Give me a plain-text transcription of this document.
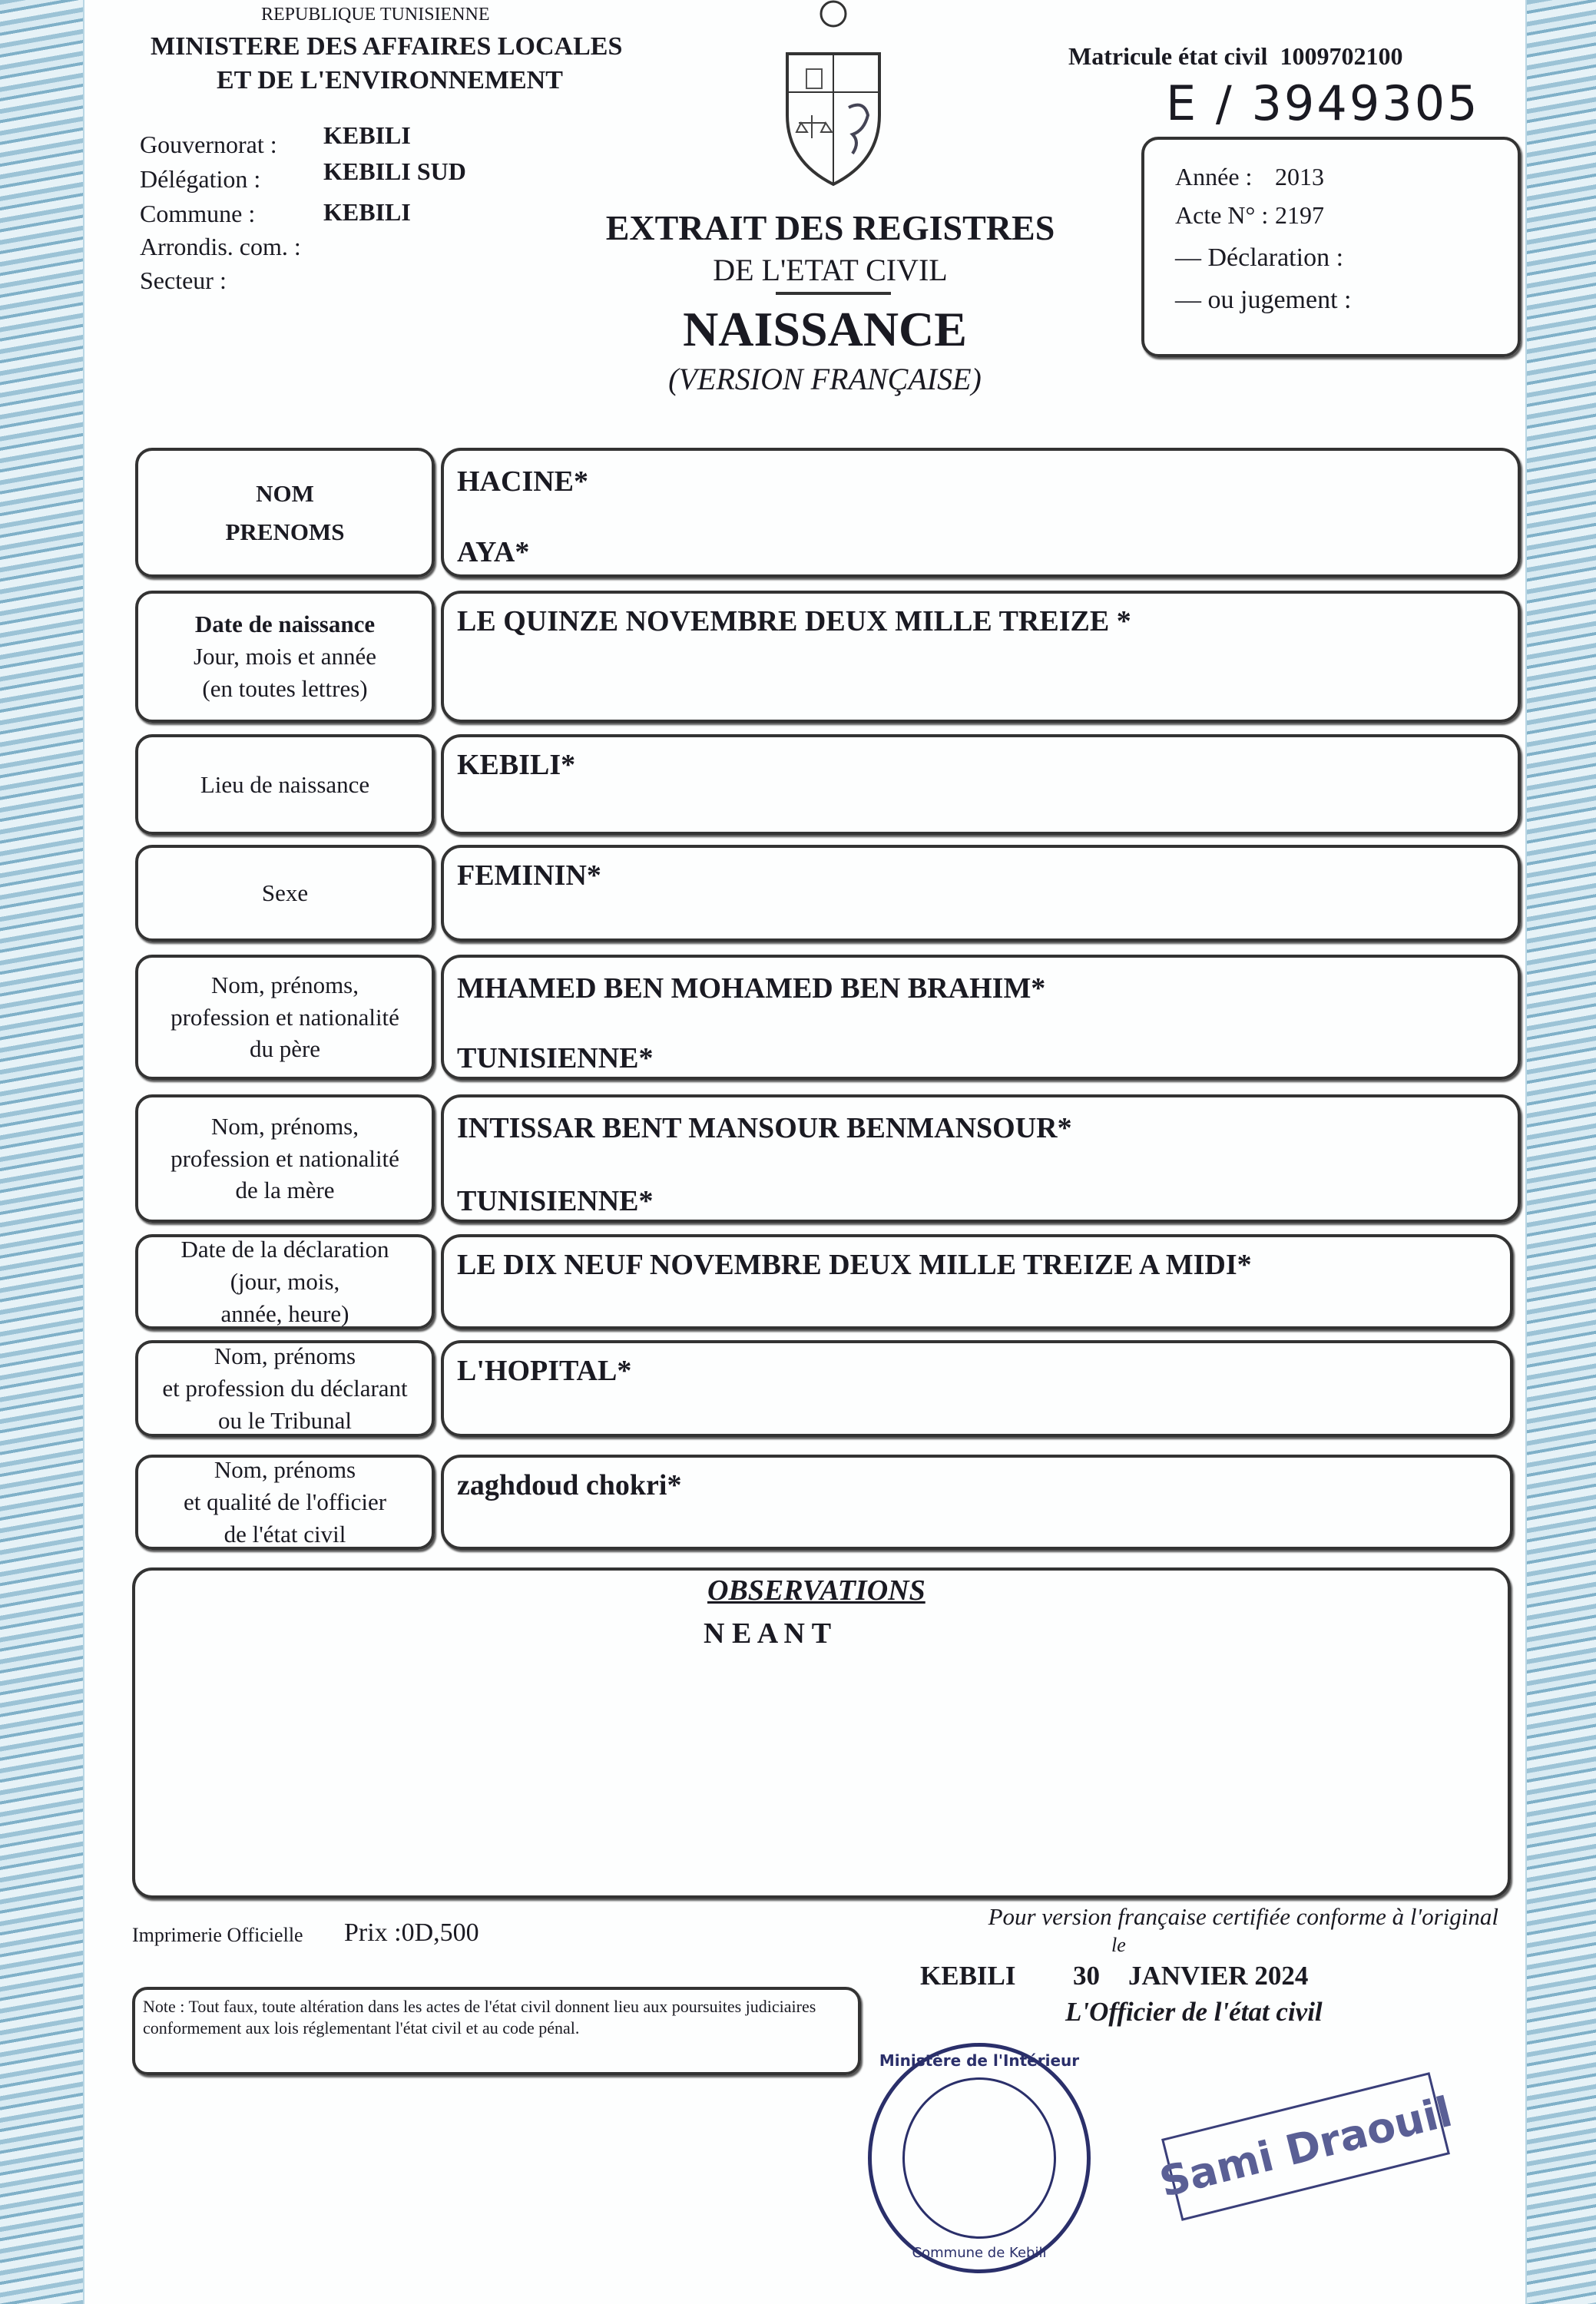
REPUBLIQUE TUNISIENNE
MINISTERE DES AFFAIRES LOCALES
ET DE L'ENVIRONNEMENT
Matricule état civil 1009702100
E / 3949305
Gouvernorat : KEBILI
Délégation :	KEBILI SUD
Commune :	KEBILI
Arrondis. com. :
Secteur :
Année : 2013
Acte N° : 2197
— Déclaration :
— ou jugement :
EXTRAIT DES REGISTRES
DE L'ETAT CIVIL
NAISSANCE
(VERSION FRANÇAISE)
NOM
PRENOMS
HACINE*
AYA*
Date de naissance
Jour, mois et année
(en toutes lettres)
LE QUINZE NOVEMBRE DEUX MILLE TREIZE *
Lieu de naissance
KEBILI*
Sexe
FEMININ*
Nom, prénoms,
profession et nationalité
du père
MHAMED BEN MOHAMED BEN BRAHIM*
TUNISIENNE*
Nom, prénoms,
profession et nationalité
de la mère
INTISSAR BENT MANSOUR BENMANSOUR*
TUNISIENNE*
Date de la déclaration
(jour, mois,
année, heure)
LE DIX NEUF NOVEMBRE DEUX MILLE TREIZE A MIDI*
Nom, prénoms
et profession du déclarant
ou le Tribunal
L'HOPITAL*
Nom, prénoms
et qualité de l'officier
de l'état civil
zaghdoud chokri*
OBSERVATIONS
N E A N T
Imprimerie Officielle Prix :0D,500
Pour version française certifiée conforme à l'original
le
KEBILI 30 JANVIER 2024
L'Officier de l'état civil
Note : Tout faux, toute altération dans les actes de l'état civil donnent lieu aux poursuites judiciaires conformement aux lois réglementant l'état civil et au code pénal.
Ministère de l'Intérieur
Commune de Kebili
Sami Draouil
